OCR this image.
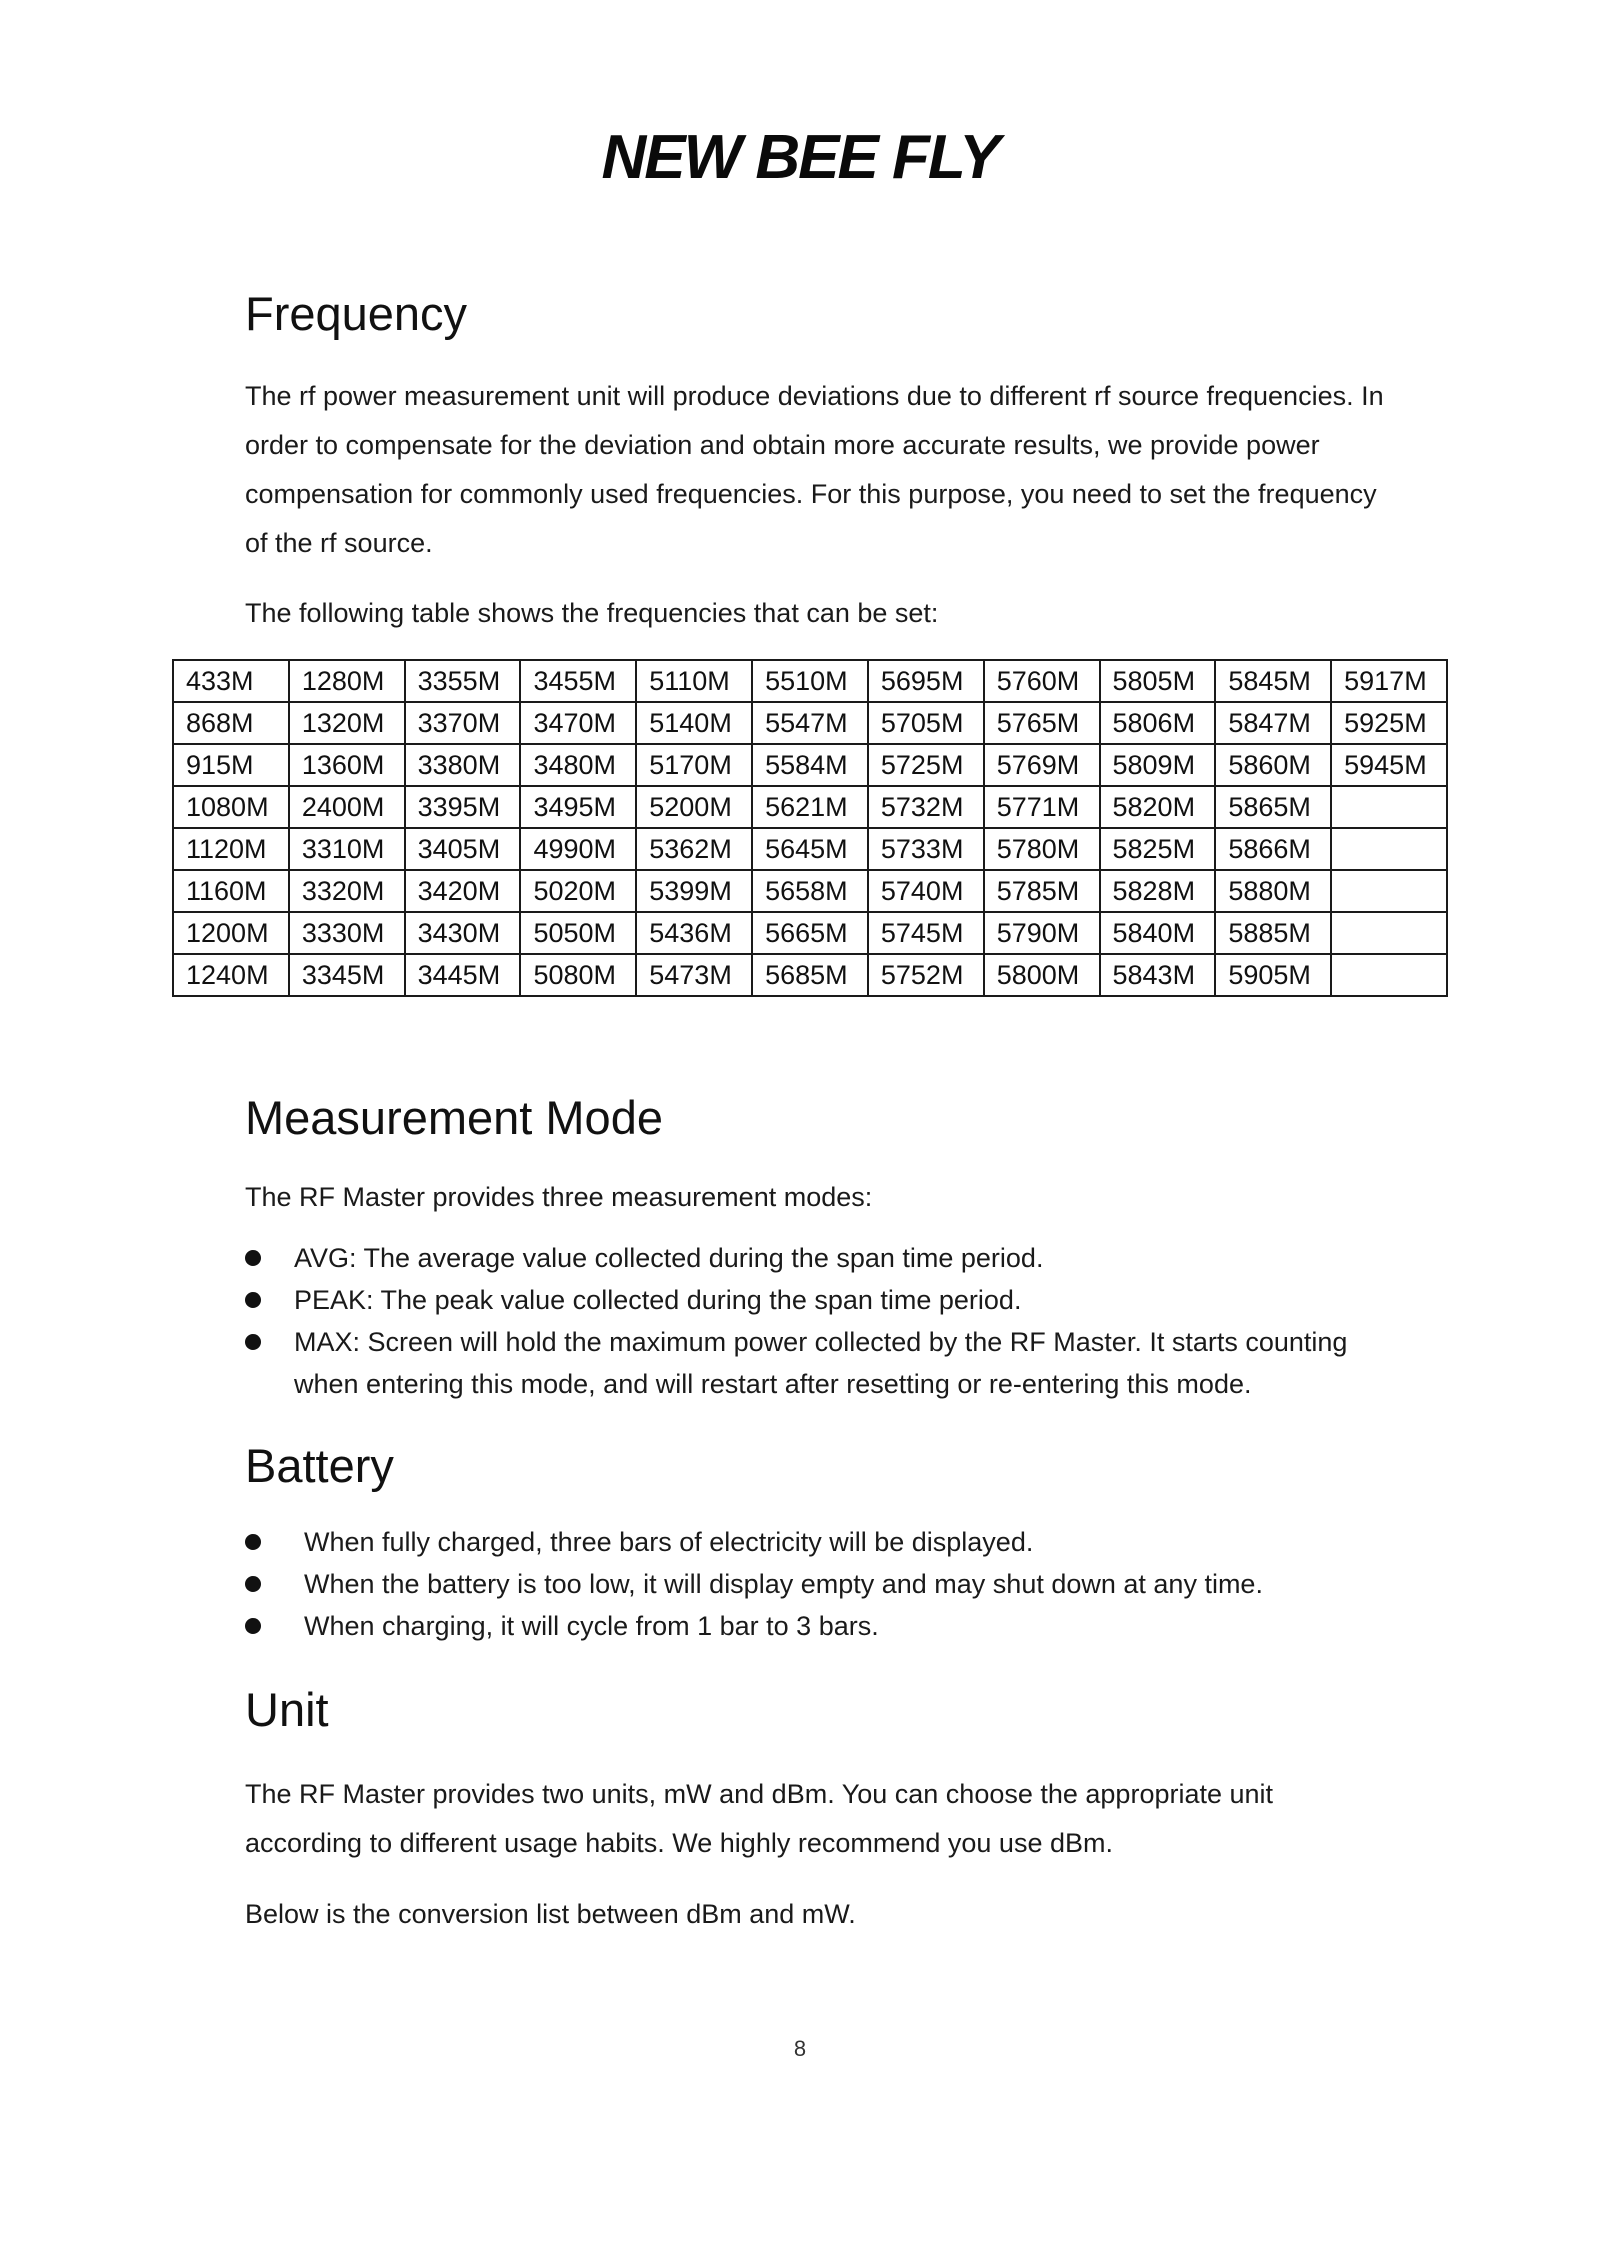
NEW BEE FLY
Frequency

The rf power measurement unit will produce deviations due to different rf source frequencies. In order to compensate for the deviation and obtain more accurate results, we provide power compensation for commonly used frequencies. For this purpose, you need to set the frequency of the rf source.

The following table shows the frequencies that can be set:

433M	1280M	3355M	3455M	5110M	5510M	5695M	5760M	5805M	5845M	5917M
868M	1320M	3370M	3470M	5140M	5547M	5705M	5765M	5806M	5847M	5925M
915M	1360M	3380M	3480M	5170M	5584M	5725M	5769M	5809M	5860M	5945M
1080M	2400M	3395M	3495M	5200M	5621M	5732M	5771M	5820M	5865M	
1120M	3310M	3405M	4990M	5362M	5645M	5733M	5780M	5825M	5866M	
1160M	3320M	3420M	5020M	5399M	5658M	5740M	5785M	5828M	5880M	
1200M	3330M	3430M	5050M	5436M	5665M	5745M	5790M	5840M	5885M	
1240M	3345M	3445M	5080M	5473M	5685M	5752M	5800M	5843M	5905M	
Measurement Mode

The RF Master provides three measurement modes:

AVG: The average value collected during the span time period.
PEAK: The peak value collected during the span time period.
MAX: Screen will hold the maximum power collected by the RF Master. It starts counting when entering this mode, and will restart after resetting or re-entering this mode.
Battery
When fully charged, three bars of electricity will be displayed.
When the battery is too low, it will display empty and may shut down at any time.
When charging, it will cycle from 1 bar to 3 bars.
Unit

The RF Master provides two units, mW and dBm. You can choose the appropriate unit according to different usage habits. We highly recommend you use dBm.

Below is the conversion list between dBm and mW.

8
